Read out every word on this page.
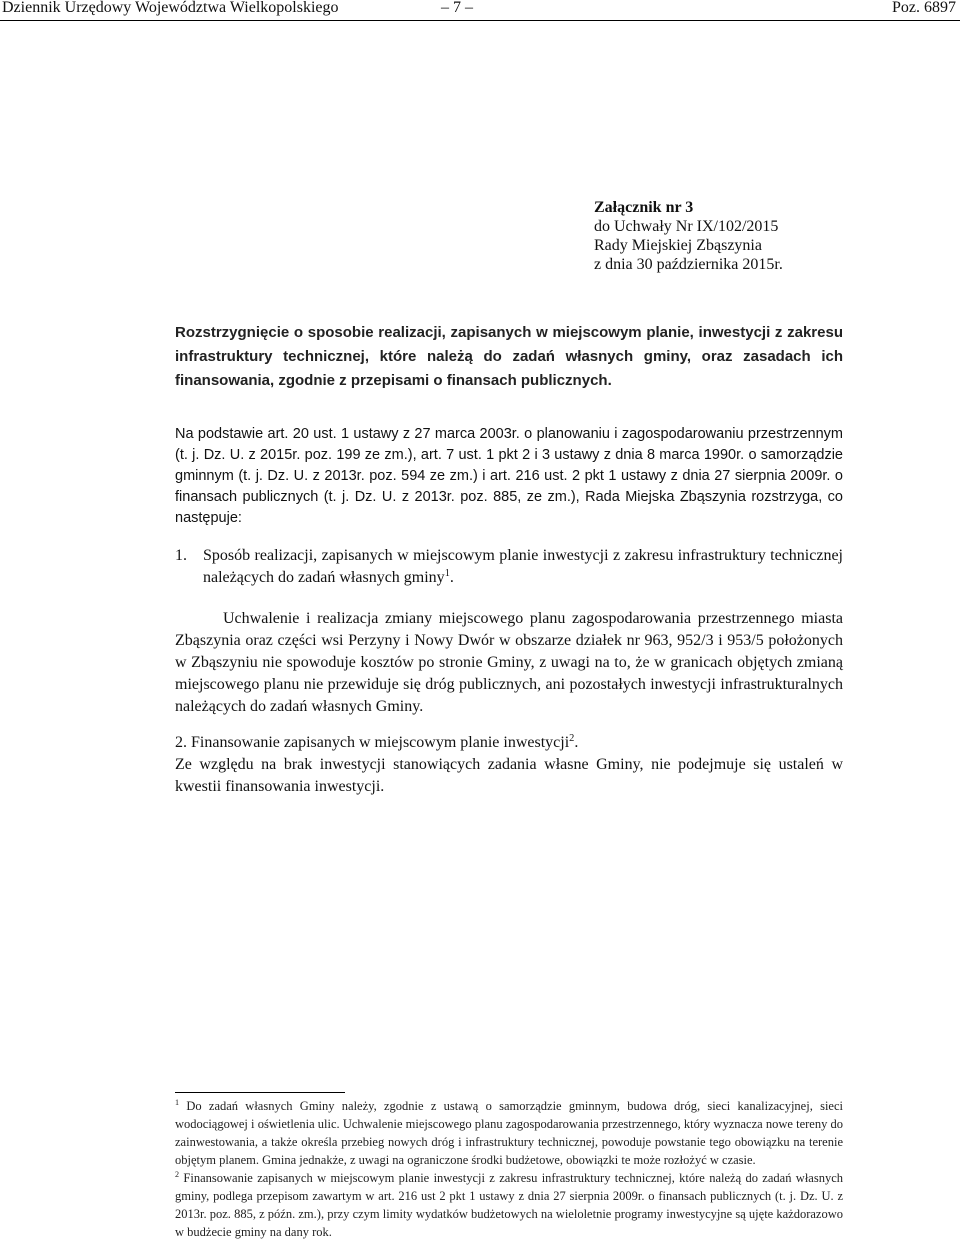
Dziennik Urzędowy Województwa Wielkopolskiego	– 7 –	Poz. 6897
Załącznik nr 3
do Uchwały Nr IX/102/2015
Rady Miejskiej Zbąszynia
z dnia 30 października 2015r.
Rozstrzygnięcie o sposobie realizacji, zapisanych w miejscowym planie, inwestycji z zakresu infrastruktury technicznej, które należą do zadań własnych gminy, oraz zasadach ich finansowania, zgodnie z przepisami o finansach publicznych.
Na podstawie art. 20 ust. 1 ustawy z 27 marca 2003r. o planowaniu i zagospodarowaniu przestrzennym (t. j. Dz. U. z 2015r. poz. 199 ze zm.), art. 7 ust. 1 pkt 2 i 3 ustawy z dnia 8 marca 1990r. o samorządzie gminnym (t. j. Dz. U. z 2013r. poz. 594 ze zm.) i art. 216 ust. 2 pkt 1 ustawy z dnia 27 sierpnia 2009r. o finansach publicznych (t. j. Dz. U. z 2013r. poz. 885, ze zm.), Rada Miejska Zbąszynia rozstrzyga, co następuje:
1. Sposób realizacji, zapisanych w miejscowym planie inwestycji z zakresu infrastruktury technicznej należących do zadań własnych gminy$^1$.
Uchwalenie i realizacja zmiany miejscowego planu zagospodarowania przestrzennego miasta Zbąszynia oraz części wsi Perzyny i Nowy Dwór w obszarze działek nr 963, 952/3 i 953/5 położonych w Zbąszyniu nie spowoduje kosztów po stronie Gminy, z uwagi na to, że w granicach objętych zmianą miejscowego planu nie przewiduje się dróg publicznych, ani pozostałych inwestycji infrastrukturalnych należących do zadań własnych Gminy.
2. Finansowanie zapisanych w miejscowym planie inwestycji$^2$.
Ze względu na brak inwestycji stanowiących zadania własne Gminy, nie podejmuje się ustaleń w kwestii finansowania inwestycji.

$^1$ Do zadań własnych Gminy należy, zgodnie z ustawą o samorządzie gminnym, budowa dróg, sieci kanalizacyjnej, sieci wodociągowej i oświetlenia ulic. Uchwalenie miejscowego planu zagospodarowania przestrzennego, który wyznacza nowe tereny do zainwestowania, a także określa przebieg nowych dróg i infrastruktury technicznej, powoduje powstanie tego obowiązku na terenie objętym planem. Gmina jednakże, z uwagi na ograniczone środki budżetowe, obowiązki te może rozłożyć w czasie.

$^2$ Finansowanie zapisanych w miejscowym planie inwestycji z zakresu infrastruktury technicznej, które należą do zadań własnych gminy, podlega przepisom zawartym w art. 216 ust 2 pkt 1 ustawy z dnia 27 sierpnia 2009r. o finansach publicznych (t. j. Dz. U. z 2013r. poz. 885, z późn. zm.), przy czym limity wydatków budżetowych na wieloletnie programy inwestycyjne są ujęte każdorazowo w budżecie gminy na dany rok.
